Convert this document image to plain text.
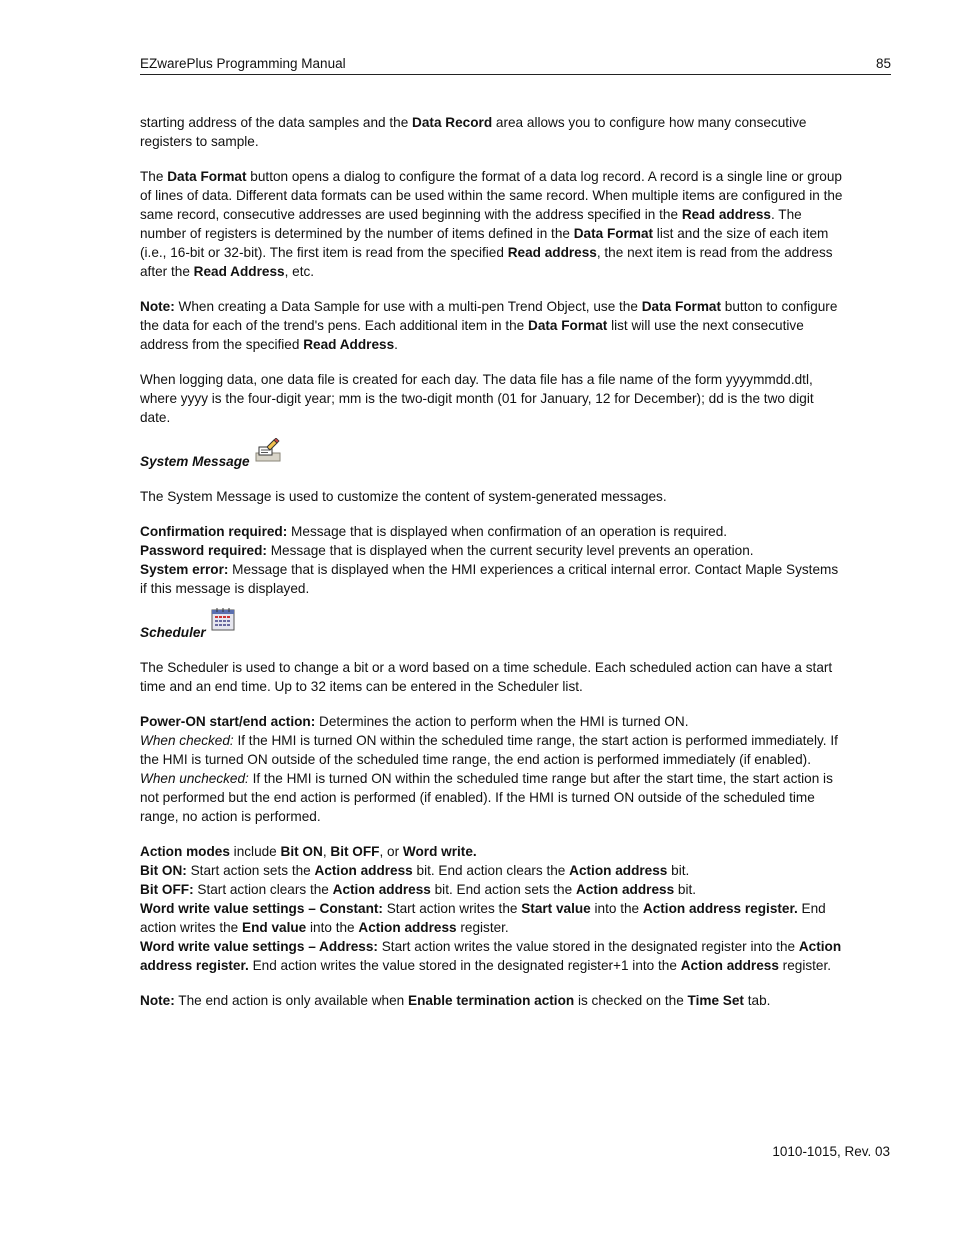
EZwarePlus Programming Manual	85

starting address of the data samples and the Data Record area allows you to configure how many consecutive registers to sample.

The Data Format button opens a dialog to configure the format of a data log record. A record is a single line or group of lines of data. Different data formats can be used within the same record. When multiple items are configured in the same record, consecutive addresses are used beginning with the address specified in the Read address. The number of registers is determined by the number of items defined in the Data Format list and the size of each item (i.e., 16-bit or 32-bit). The first item is read from the specified Read address, the next item is read from the address after the Read Address, etc.

Note: When creating a Data Sample for use with a multi-pen Trend Object, use the Data Format button to configure the data for each of the trend's pens. Each additional item in the Data Format list will use the next consecutive address from the specified Read Address.

When logging data, one data file is created for each day. The data file has a file name of the form yyyymmdd.dtl, where yyyy is the four-digit year; mm is the two-digit month (01 for January, 12 for December); dd is the two digit date.

System Message

The System Message is used to customize the content of system-generated messages.

Confirmation required: Message that is displayed when confirmation of an operation is required.
Password required: Message that is displayed when the current security level prevents an operation.
System error: Message that is displayed when the HMI experiences a critical internal error. Contact Maple Systems if this message is displayed.

Scheduler

The Scheduler is used to change a bit or a word based on a time schedule. Each scheduled action can have a start time and an end time. Up to 32 items can be entered in the Scheduler list.

Power-ON start/end action: Determines the action to perform when the HMI is turned ON.
When checked: If the HMI is turned ON within the scheduled time range, the start action is performed immediately. If the HMI is turned ON outside of the scheduled time range, the end action is performed immediately (if enabled).
When unchecked: If the HMI is turned ON within the scheduled time range but after the start time, the start action is not performed but the end action is performed (if enabled). If the HMI is turned ON outside of the scheduled time range, no action is performed.

Action modes include Bit ON, Bit OFF, or Word write.
Bit ON: Start action sets the Action address bit. End action clears the Action address bit.
Bit OFF: Start action clears the Action address bit. End action sets the Action address bit.
Word write value settings – Constant: Start action writes the Start value into the Action address register. End action writes the End value into the Action address register.
Word write value settings – Address: Start action writes the value stored in the designated register into the Action address register. End action writes the value stored in the designated register+1 into the Action address register.

Note: The end action is only available when Enable termination action is checked on the Time Set tab.

1010-1015, Rev. 03
